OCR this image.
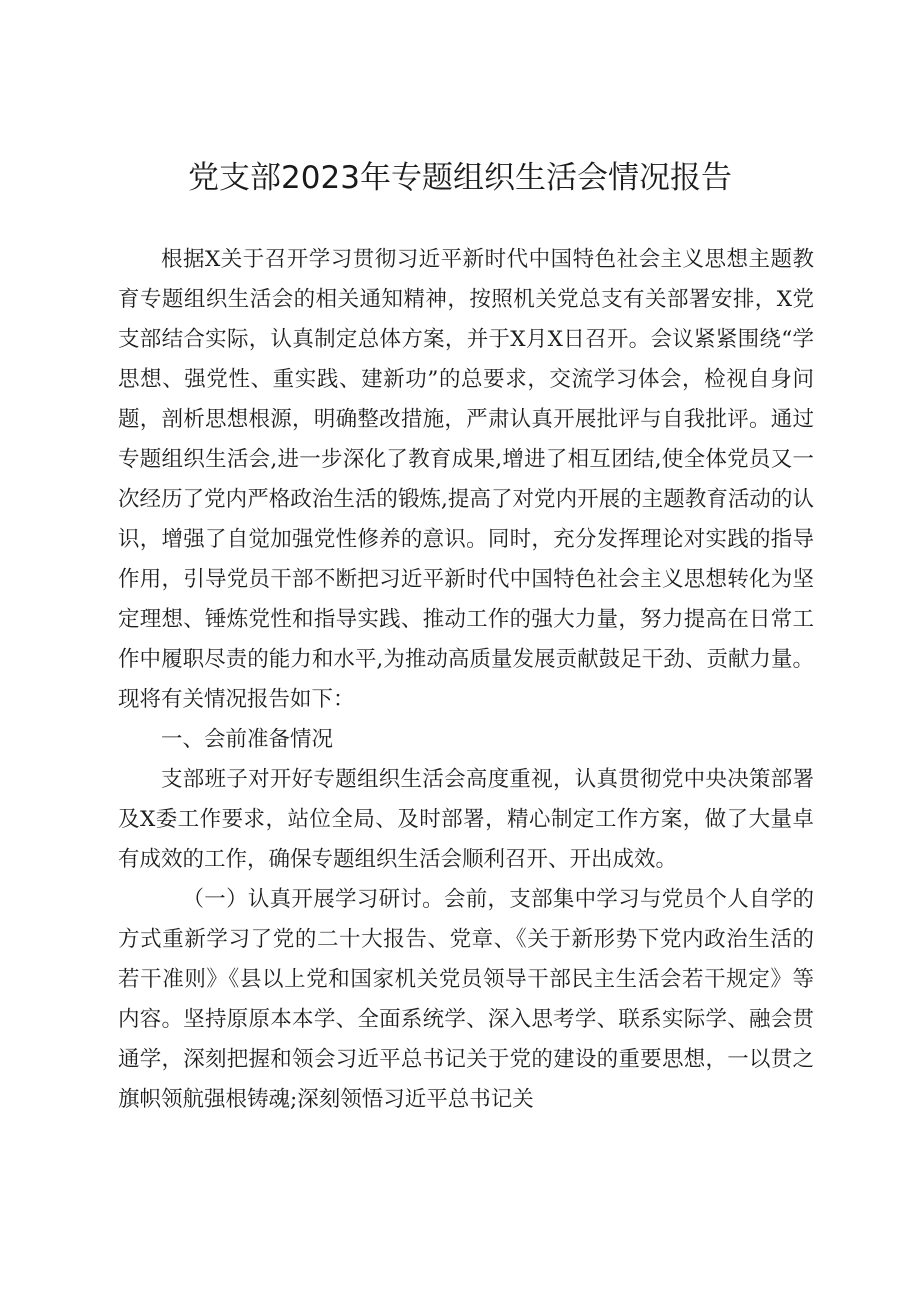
党支部2023年专题组织生活会情况报告

根据X关于召开学习贯彻习近平新时代中国特色社会主义思想主题教育专题组织生活会的相关通知精神，按照机关党总支有关部署安排，X党支部结合实际，认真制定总体方案，并于X月X日召开。会议紧紧围绕“学思想、强党性、重实践、建新功”的总要求，交流学习体会，检视自身问题，剖析思想根源，明确整改措施，严肃认真开展批评与自我批评。通过专题组织生活会,进一步深化了教育成果,增进了相互团结,使全体党员又一次经历了党内严格政治生活的锻炼,提高了对党内开展的主题教育活动的认识，增强了自觉加强党性修养的意识。同时，充分发挥理论对实践的指导作用，引导党员干部不断把习近平新时代中国特色社会主义思想转化为坚定理想、锤炼党性和指导实践、推动工作的强大力量，努力提高在日常工作中履职尽责的能力和水平,为推动高质量发展贡献鼓足干劲、贡献力量。现将有关情况报告如下：

一、会前准备情况

支部班子对开好专题组织生活会高度重视，认真贯彻党中央决策部署及X委工作要求，站位全局、及时部署，精心制定工作方案，做了大量卓有成效的工作，确保专题组织生活会顺利召开、开出成效。

（一）认真开展学习研讨。会前，支部集中学习与党员个人自学的方式重新学习了党的二十大报告、党章、《关于新形势下党内政治生活的若干准则》《县以上党和国家机关党员领导干部民主生活会若干规定》等内容。坚持原原本本学、全面系统学、深入思考学、联系实际学、融会贯通学，深刻把握和领会习近平总书记关于党的建设的重要思想，一以贯之旗帜领航强根铸魂;深刻领悟习近平总书记关
